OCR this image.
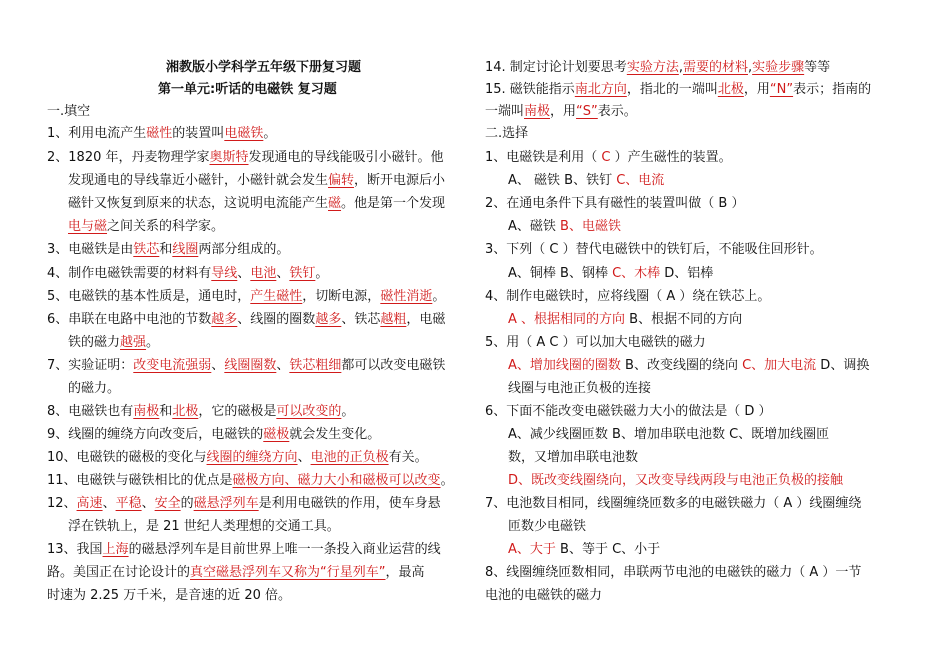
湘教版小学科学五年级下册复习题
第一单元:听话的电磁铁 复习题
一.填空
1、利用电流产生磁性的装置叫电磁铁。
2、1820 年，丹麦物理学家奥斯特发现通电的导线能吸引小磁针。他
发现通电的导线靠近小磁针，小磁针就会发生偏转，断开电源后小
磁针又恢复到原来的状态，这说明电流能产生磁。他是第一个发现
电与磁之间关系的科学家。
3、电磁铁是由铁芯和线圈两部分组成的。
4、制作电磁铁需要的材料有导线、电池、铁钉。
5、电磁铁的基本性质是，通电时，产生磁性，切断电源，磁性消逝。
6、串联在电路中电池的节数越多、线圈的圈数越多、铁芯越粗，电磁
铁的磁力越强。
7、实验证明：改变电流强弱、线圈圈数、铁芯粗细都可以改变电磁铁
的磁力。
8、电磁铁也有南极和北极，它的磁极是可以改变的。
9、线圈的缠绕方向改变后，电磁铁的磁极就会发生变化。
10、电磁铁的磁极的变化与线圈的缠绕方向、电池的正负极有关。
11、电磁铁与磁铁相比的优点是磁极方向、磁力大小和磁极可以改变。
12、高速、平稳、安全的磁悬浮列车是利用电磁铁的作用，使车身悬
浮在铁轨上，是 21 世纪人类理想的交通工具。
13、我国上海的磁悬浮列车是目前世界上唯一一条投入商业运营的线
路。美国正在讨论设计的真空磁悬浮列车又称为“行星列车”，最高
时速为 2.25 万千米，是音速的近 20 倍。
14. 制定讨论计划要思考实验方法,需要的材料,实验步骤等等
15. 磁铁能指示南北方向，指北的一端叫北极，用“N”表示；指南的
一端叫南极，用“S”表示。
二.选择
1、电磁铁是利用（ C ）产生磁性的装置。
A、 磁铁 B、铁钉 C、电流
2、在通电条件下具有磁性的装置叫做（ B ）
A、磁铁 B、电磁铁
3、下列（ C ）替代电磁铁中的铁钉后，不能吸住回形针。
A、铜棒 B、钢棒 C、木棒 D、铝棒
4、制作电磁铁时，应将线圈（ A ）绕在铁芯上。
A 、根据相同的方向 B、根据不同的方向
5、用（ A C ）可以加大电磁铁的磁力
A、增加线圈的圈数 B、改变线圈的绕向 C、加大电流 D、调换
线圈与电池正负极的连接
6、下面不能改变电磁铁磁力大小的做法是（ D ）
A、减少线圈匝数 B、增加串联电池数 C、既增加线圈匝
数，又增加串联电池数
D、既改变线圈绕向，又改变导线两段与电池正负极的接触
7、电池数目相同，线圈缠绕匝数多的电磁铁磁力（ A ）线圈缠绕
匝数少电磁铁
A、大于 B、等于 C、小于
8、线圈缠绕匝数相同，串联两节电池的电磁铁的磁力（ A ）一节
电池的电磁铁的磁力
